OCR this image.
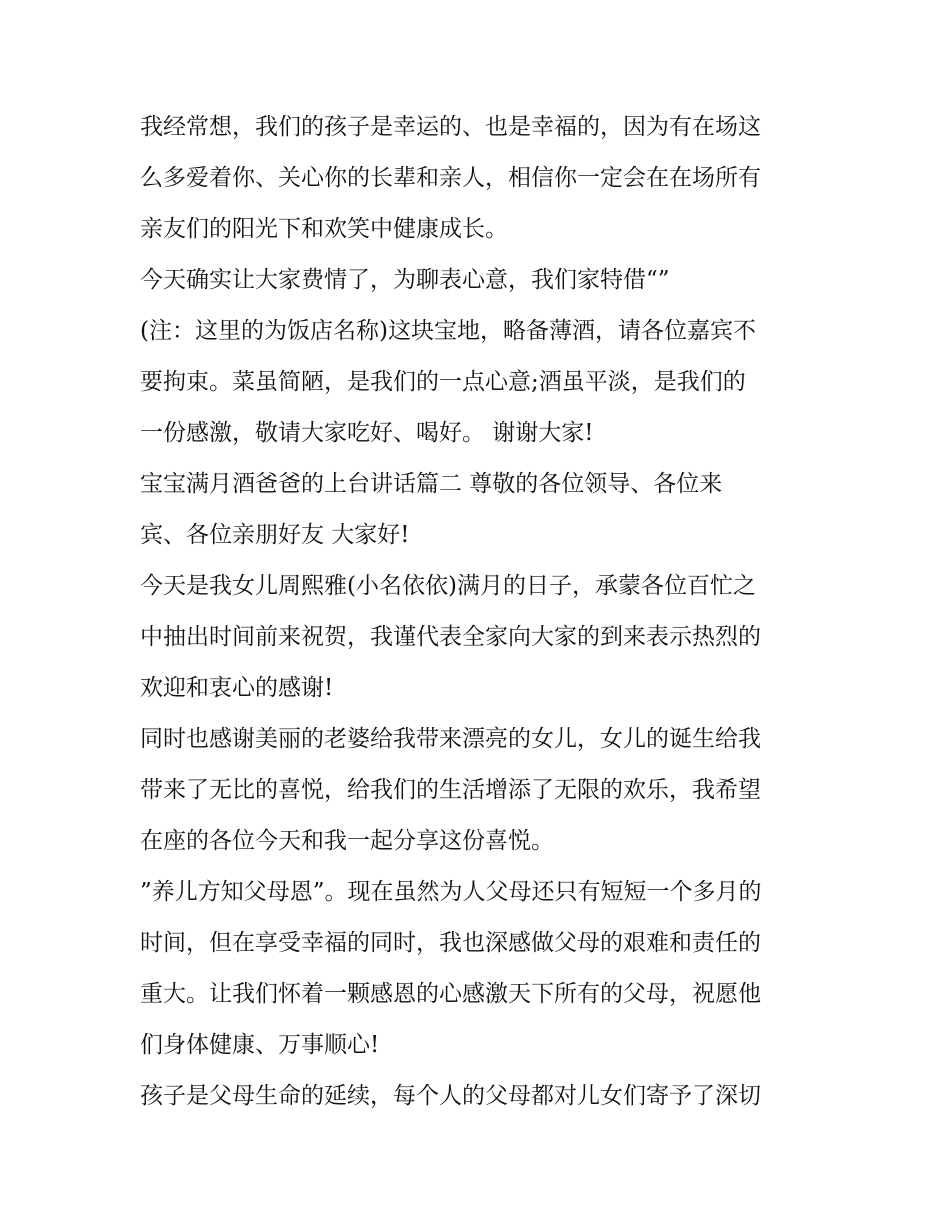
我经常想，我们的孩子是幸运的、也是幸福的，因为有在场这
么多爱着你、关心你的长辈和亲人，相信你一定会在在场所有
亲友们的阳光下和欢笑中健康成长。
今天确实让大家费情了，为聊表心意，我们家特借“”
(注：这里的为饭店名称)这块宝地，略备薄酒，请各位嘉宾不
要拘束。菜虽简陋，是我们的一点心意;酒虽平淡，是我们的
一份感激，敬请大家吃好、喝好。 谢谢大家!
宝宝满月酒爸爸的上台讲话篇二 尊敬的各位领导、各位来
宾、各位亲朋好友 大家好!
今天是我女儿周熙雅(小名依依)满月的日子，承蒙各位百忙之
中抽出时间前来祝贺，我谨代表全家向大家的到来表示热烈的
欢迎和衷心的感谢!
同时也感谢美丽的老婆给我带来漂亮的女儿，女儿的诞生给我
带来了无比的喜悦，给我们的生活增添了无限的欢乐，我希望
在座的各位今天和我一起分享这份喜悦。
”养儿方知父母恩”。现在虽然为人父母还只有短短一个多月的
时间，但在享受幸福的同时，我也深感做父母的艰难和责任的
重大。让我们怀着一颗感恩的心感激天下所有的父母，祝愿他
们身体健康、万事顺心!
孩子是父母生命的延续，每个人的父母都对儿女们寄予了深切
